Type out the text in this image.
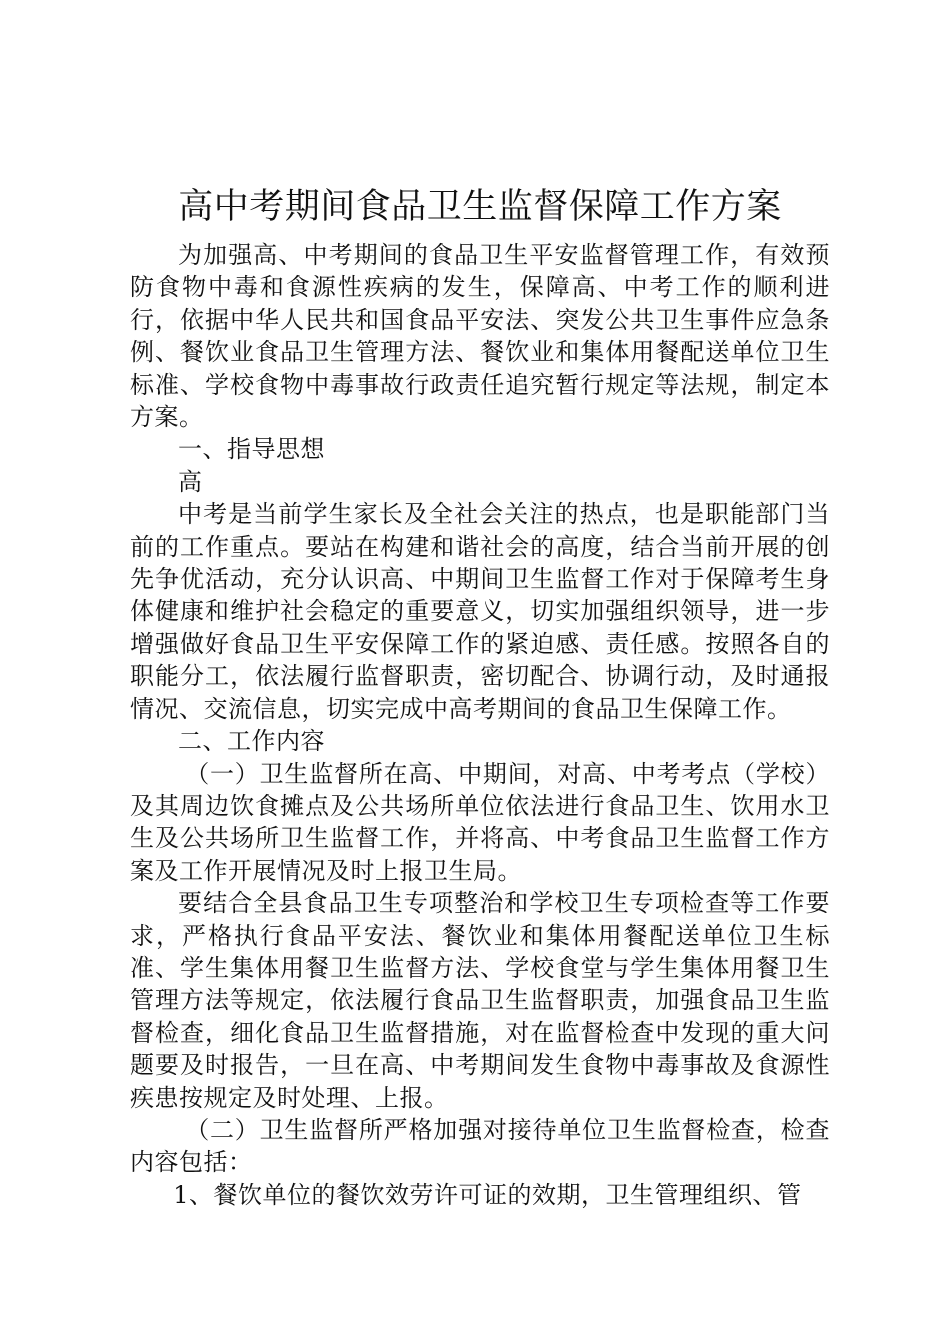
高中考期间食品卫生监督保障工作方案

为加强高、中考期间的食品卫生平安监督管理工作，有效预防食物中毒和食源性疾病的发生，保障高、中考工作的顺利进行，依据中华人民共和国食品平安法、突发公共卫生事件应急条例、餐饮业食品卫生管理方法、餐饮业和集体用餐配送单位卫生标准、学校食物中毒事故行政责任追究暂行规定等法规，制定本方案。

一、指导思想

高

中考是当前学生家长及全社会关注的热点，也是职能部门当前的工作重点。要站在构建和谐社会的高度，结合当前开展的创先争优活动，充分认识高、中期间卫生监督工作对于保障考生身体健康和维护社会稳定的重要意义，切实加强组织领导，进一步增强做好食品卫生平安保障工作的紧迫感、责任感。按照各自的职能分工，依法履行监督职责，密切配合、协调行动，及时通报情况、交流信息，切实完成中高考期间的食品卫生保障工作。

二、工作内容

（一）卫生监督所在高、中期间，对高、中考考点（学校）及其周边饮食摊点及公共场所单位依法进行食品卫生、饮用水卫生及公共场所卫生监督工作，并将高、中考食品卫生监督工作方案及工作开展情况及时上报卫生局。

要结合全县食品卫生专项整治和学校卫生专项检查等工作要求，严格执行食品平安法、餐饮业和集体用餐配送单位卫生标准、学生集体用餐卫生监督方法、学校食堂与学生集体用餐卫生管理方法等规定，依法履行食品卫生监督职责，加强食品卫生监督检查，细化食品卫生监督措施，对在监督检查中发现的重大问题要及时报告，一旦在高、中考期间发生食物中毒事故及食源性疾患按规定及时处理、上报。

（二）卫生监督所严格加强对接待单位卫生监督检查，检查内容包括：

1、餐饮单位的餐饮效劳许可证的效期，卫生管理组织、管
